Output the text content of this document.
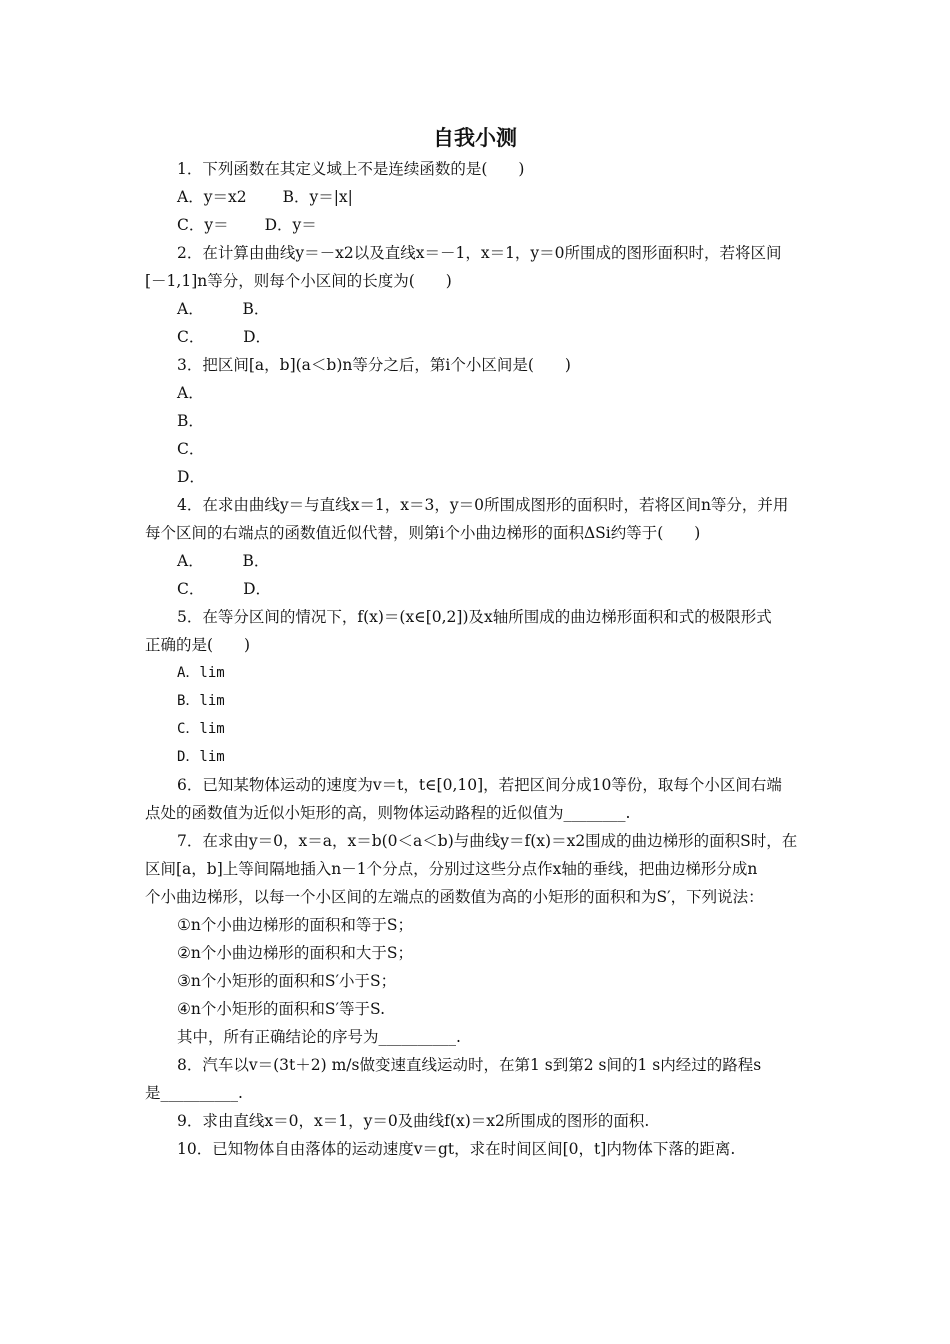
自我小测
1．下列函数在其定义域上不是连续函数的是(　　)
A．y＝x2 B．y＝|x|
C．y＝ D．y＝
2．在计算由曲线y＝－x2以及直线x＝－1，x＝1，y＝0所围成的图形面积时，若将区间
[－1,1]n等分，则每个小区间的长度为(　　)
A．　　　B．
C．　　　D．
3．把区间[a，b](a＜b)n等分之后，第i个小区间是(　　)
A．
B．
C．
D．
4．在求由曲线y＝与直线x＝1，x＝3，y＝0所围成图形的面积时，若将区间n等分，并用
每个区间的右端点的函数值近似代替，则第i个小曲边梯形的面积ΔSi约等于(　　)
A．　　　B．
C．　　　D．
5．在等分区间的情况下，f(x)＝(x∈[0,2])及x轴所围成的曲边梯形面积和式的极限形式
正确的是(　　)
A．lim
B．lim
C．lim
D．lim
6．已知某物体运动的速度为v＝t，t∈[0,10]，若把区间分成10等份，取每个小区间右端
点处的函数值为近似小矩形的高，则物体运动路程的近似值为________.
7．在求由y＝0，x＝a，x＝b(0＜a＜b)与曲线y＝f(x)＝x2围成的曲边梯形的面积S时，在
区间[a，b]上等间隔地插入n－1个分点，分别过这些分点作x轴的垂线，把曲边梯形分成n
个小曲边梯形，以每一个小区间的左端点的函数值为高的小矩形的面积和为S′，下列说法：
①n个小曲边梯形的面积和等于S；
②n个小曲边梯形的面积和大于S；
③n个小矩形的面积和S′小于S；
④n个小矩形的面积和S′等于S.
其中，所有正确结论的序号为__________.
8．汽车以v＝(3t＋2) m/s做变速直线运动时，在第1 s到第2 s间的1 s内经过的路程s
是__________.
9．求由直线x＝0，x＝1，y＝0及曲线f(x)＝x2所围成的图形的面积.
10．已知物体自由落体的运动速度v＝gt，求在时间区间[0，t]内物体下落的距离.
